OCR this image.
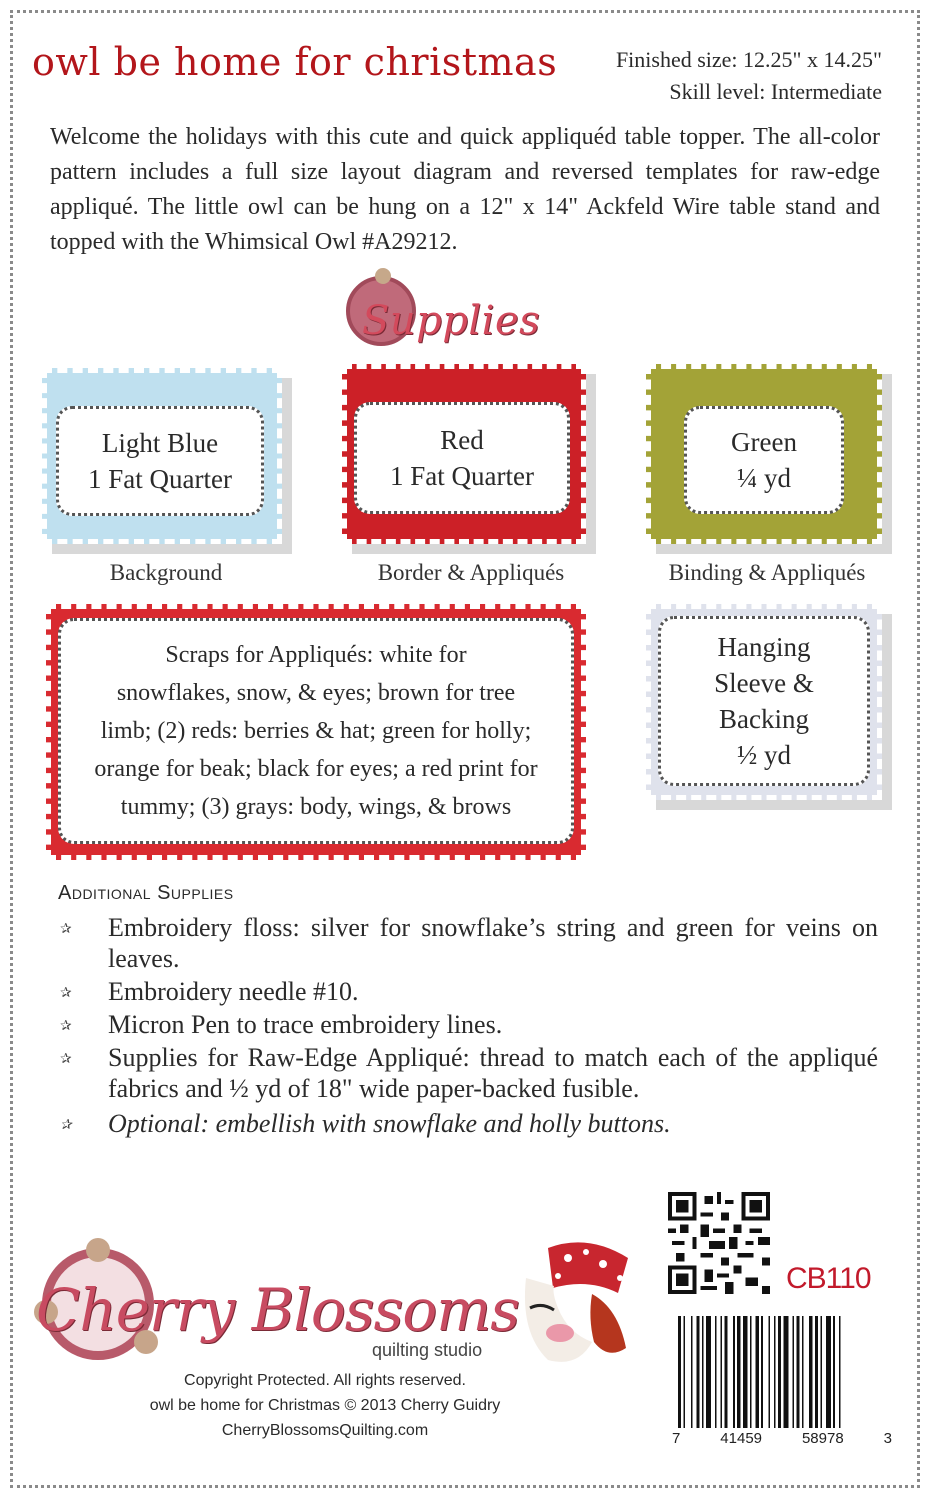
owl be home for christmas	Finished size: 12.25" x 14.25"
Skill level: Intermediate
Welcome the holidays with this cute and quick appliquéd table topper. The all-color pattern includes a full size layout diagram and reversed templates for raw-edge appliqué. The little owl can be hung on a 12" x 14" Ackfeld Wire table stand and topped with the Whimsical Owl #A29212.
Supplies
Light Blue
1 Fat Quarter
Background
Red
1 Fat Quarter
Border & Appliqués
Green
¼ yd
Binding & Appliqués
Scraps for Appliqués: white for
snowflakes, snow, & eyes; brown for tree
limb; (2) reds: berries & hat; green for holly;
orange for beak; black for eyes; a red print for
tummy; (3) grays: body, wings, & brows
Hanging
Sleeve &
Backing
½ yd
Additional Supplies
✰ Embroidery floss: silver for snowflake’s string and green for veins on leaves.
✰ Embroidery needle #10.
✰ Micron Pen to trace embroidery lines.
✰ Supplies for Raw-Edge Appliqué: thread to match each of the appliqué fabrics and ½ yd of 18" wide paper-backed fusible.
✰ Optional: embellish with snowflake and holly buttons.
Cherry Blossoms
quilting studio
CB110
7	41459	58978	3
Copyright Protected. All rights reserved.
owl be home for Christmas © 2013 Cherry Guidry
CherryBlossomsQuilting.com
